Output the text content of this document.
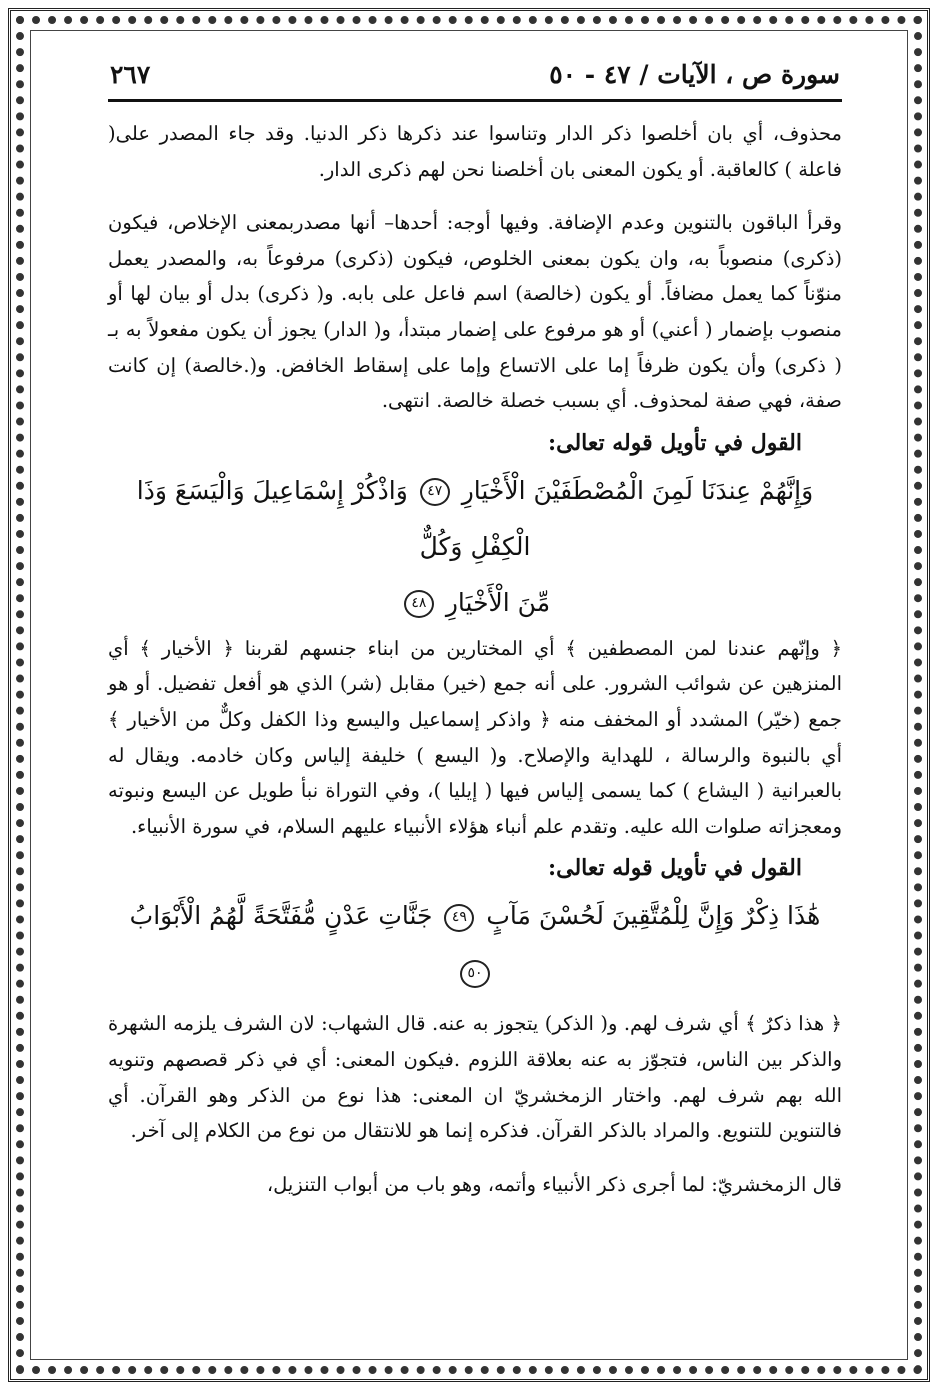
سورة ص ، الآيات / ٤٧ - ٥٠
٢٦٧

محذوف، أي بان أخلصوا ذكر الدار وتناسوا عند ذكرها ذكر الدنيا. وقد جاء المصدر على( فاعلة ) كالعاقبة. أو يكون المعنى بان أخلصنا نحن لهم ذكرى الدار.

وقرأ الباقون بالتنوين وعدم الإضافة. وفيها أوجه: أحدها– أنها مصدربمعنى الإخلاص، فيكون (ذكرى) منصوباً به، وان يكون بمعنى الخلوص، فيكون (ذكرى) مرفوعاً به، والمصدر يعمل منوّناً كما يعمل مضافاً. أو يكون (خالصة) اسم فاعل على بابه. و( ذكرى) بدل أو بيان لها أو منصوب بإضمار ( أعني) أو هو مرفوع على إضمار مبتدأ، و( الدار) يجوز أن يكون مفعولاً به بـ ( ذكرى) وأن يكون ظرفاً إما على الاتساع وإما على إسقاط الخافض. و(.خالصة) إن كانت صفة، فهي صفة لمحذوف. أي بسبب خصلة خالصة. انتهى.

القول في تأويل قوله تعالى:

وَإِنَّهُمْ عِندَنَا لَمِنَ الْمُصْطَفَيْنَ الْأَخْيَارِ ٤٧ وَاذْكُرْ إِسْمَاعِيلَ وَالْيَسَعَ وَذَا الْكِفْلِ وَكُلٌّ

مِّنَ الْأَخْيَارِ ٤٨

﴿ وإنّهم عندنا لمن المصطفين ﴾ أي المختارين من ابناء جنسهم لقربنا ﴿ الأخيار ﴾ أي المنزهين عن شوائب الشرور. على أنه جمع (خير) مقابل (شر) الذي هو أفعل تفضيل. أو هو جمع (خيّر) المشدد أو المخفف منه ﴿ واذكر إسماعيل واليسع وذا الكفل وكلٌّ من الأخيار ﴾ أي بالنبوة والرسالة ، للهداية والإصلاح. و( اليسع ) خليفة إلياس وكان خادمه. ويقال له بالعبرانية ( اليشاع ) كما يسمى إلياس فيها ( إيليا )، وفي التوراة نبأ طويل عن اليسع ونبوته ومعجزاته صلوات الله عليه. وتقدم علم أنباء هؤلاء الأنبياء عليهم السلام، في سورة الأنبياء.

القول في تأويل قوله تعالى:

هَٰذَا ذِكْرٌ وَإِنَّ لِلْمُتَّقِينَ لَحُسْنَ مَآبٍ ٤٩ جَنَّاتِ عَدْنٍ مُّفَتَّحَةً لَّهُمُ الْأَبْوَابُ ٥٠

﴿ هذا ذكرٌ ﴾ أي شرف لهم. و( الذكر) يتجوز به عنه. قال الشهاب: لان الشرف يلزمه الشهرة والذكر بين الناس، فتجوّز به عنه بعلاقة اللزوم .فيكون المعنى: أي في ذكر قصصهم وتنويه الله بهم شرف لهم. واختار الزمخشريّ ان المعنى: هذا نوع من الذكر وهو القرآن. أي فالتنوين للتنويع. والمراد بالذكر القرآن. فذكره إنما هو للانتقال من نوع من الكلام إلى آخر.

قال الزمخشريّ: لما أجرى ذكر الأنبياء وأتمه، وهو باب من أبواب التنزيل،
